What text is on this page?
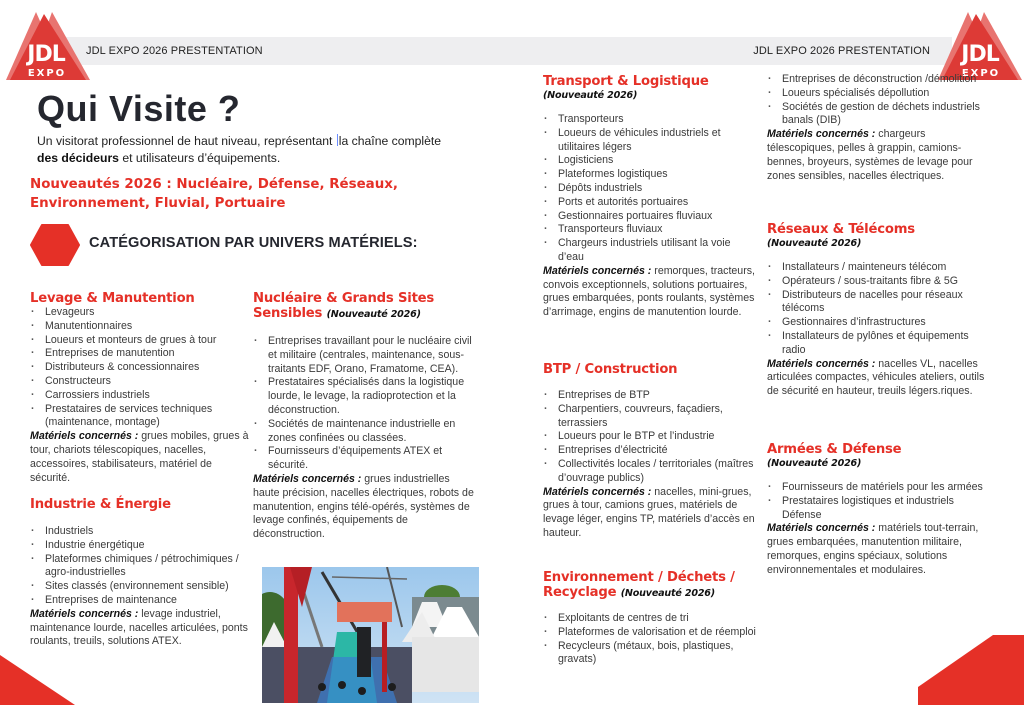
JDL EXPO 2026 PRESTENTATION	JDL EXPO 2026 PRESTENTATION
JDL
EXPO
JDL
EXPO
Qui Visite ?

Un visitorat professionnel de haut niveau, représentant la chaîne complète
des décideurs et utilisateurs d’équipements.

Nouveautés 2026 : Nucléaire, Défense, Réseaux, Environnement, Fluvial, Portuaire
CATÉGORISATION PAR UNIVERS MATÉRIELS:
Levage & Manutention
· Levageurs
· Manutentionnaires
· Loueurs et monteurs de grues à tour
· Entreprises de manutention
· Distributeurs & concessionnaires
· Constructeurs
· Carrossiers industriels
· Prestataires de services techniques (maintenance, montage)
Matériels concernés : grues mobiles, grues à tour, chariots télescopiques, nacelles, accessoires, stabilisateurs, matériel de sécurité.
Industrie & Énergie
· Industriels
· Industrie énergétique
· Plateformes chimiques / pétrochimiques / agro-industrielles
· Sites classés (environnement sensible)
· Entreprises de maintenance
Matériels concernés : levage industriel, maintenance lourde, nacelles articulées, ponts roulants, treuils, solutions ATEX.
Nucléaire & Grands Sites Sensibles (Nouveauté 2026)
· Entreprises travaillant pour le nucléaire civil et militaire (centrales, maintenance, sous-traitants EDF, Orano, Framatome, CEA).
· Prestataires spécialisés dans la logistique lourde, le levage, la radioprotection et la déconstruction.
· Sociétés de maintenance industrielle en zones confinées ou classées.
· Fournisseurs d’équipements ATEX et sécurité.
Matériels concernés : grues industrielles haute précision, nacelles électriques, robots de manutention, engins télé-opérés, systèmes de levage confinés, équipements de déconstruction.
Transport & Logistique
(Nouveauté 2026)
· Transporteurs
· Loueurs de véhicules industriels et utilitaires légers
· Logisticiens
· Plateformes logistiques
· Dépôts industriels
· Ports et autorités portuaires
· Gestionnaires portuaires fluviaux
· Transporteurs fluviaux
· Chargeurs industriels utilisant la voie d’eau
Matériels concernés : remorques, tracteurs, convois exceptionnels, solutions portuaires, grues embarquées, ponts roulants, systèmes d’arrimage, engins de manutention lourde.
BTP / Construction
· Entreprises de BTP
· Charpentiers, couvreurs, façadiers, terrassiers
· Loueurs pour le BTP et l’industrie
· Entreprises d’électricité
· Collectivités locales / territoriales (maîtres d’ouvrage publics)
Matériels concernés : nacelles, mini-grues, grues à tour, camions grues, matériels de levage léger, engins TP, matériels d’accès en hauteur.
Environnement / Déchets / Recyclage (Nouveauté 2026)
· Exploitants de centres de tri
· Plateformes de valorisation et de réemploi
· Recycleurs (métaux, bois, plastiques, gravats)
· Entreprises de déconstruction /démolition
· Loueurs spécialisés dépollution
· Sociétés de gestion de déchets industriels banals (DIB)
Matériels concernés : chargeurs télescopiques, pelles à grappin, camions-bennes, broyeurs, systèmes de levage pour zones sensibles, nacelles électriques.
Réseaux & Télécoms
(Nouveauté 2026)
· Installateurs / mainteneurs télécom
· Opérateurs / sous-traitants fibre & 5G
· Distributeurs de nacelles pour réseaux télécoms
· Gestionnaires d’infrastructures
· Installateurs de pylônes et équipements radio
Matériels concernés : nacelles VL, nacelles articulées compactes, véhicules ateliers, outils de sécurité en hauteur, treuils légers.riques.
Armées & Défense
(Nouveauté 2026)
· Fournisseurs de matériels pour les armées
· Prestataires logistiques et industriels Défense
Matériels concernés : matériels tout-terrain, grues embarquées, manutention militaire, remorques, engins spéciaux, solutions environnementales et modulaires.
